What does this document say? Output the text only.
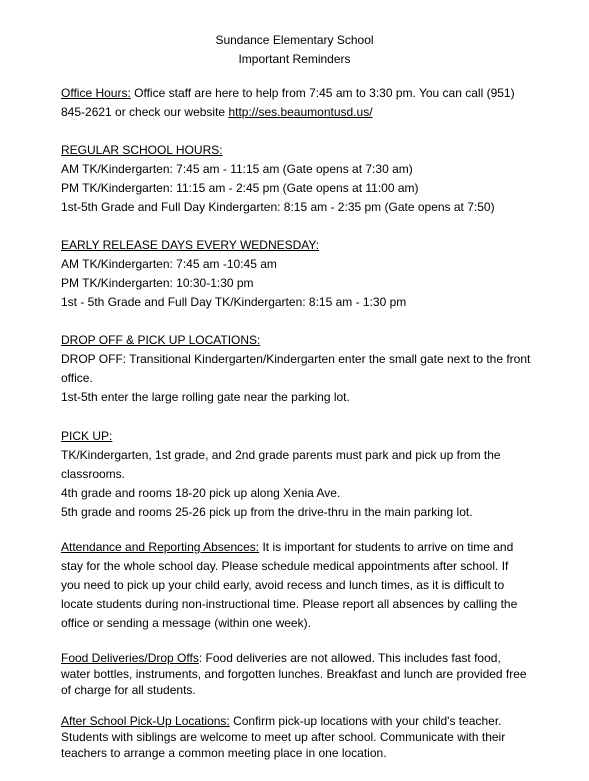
Sundance Elementary School
Important Reminders

Office Hours: Office staff are here to help from 7:45 am to 3:30 pm. You can call (951) 845-2621 or check our website http://ses.beaumontusd.us/

REGULAR SCHOOL HOURS:

AM TK/Kindergarten: 7:45 am - 11:15 am (Gate opens at 7:30 am)

PM TK/Kindergarten: 11:15 am - 2:45 pm (Gate opens at 11:00 am)

1st-5th Grade and Full Day Kindergarten: 8:15 am - 2:35 pm (Gate opens at 7:50)

EARLY RELEASE DAYS EVERY WEDNESDAY:

AM TK/Kindergarten: 7:45 am -10:45 am

PM TK/Kindergarten: 10:30-1:30 pm

1st - 5th Grade and Full Day TK/Kindergarten: 8:15 am - 1:30 pm

DROP OFF & PICK UP LOCATIONS:

DROP OFF: Transitional Kindergarten/Kindergarten enter the small gate next to the front office.

1st-5th enter the large rolling gate near the parking lot.

PICK UP:

TK/Kindergarten, 1st grade, and 2nd grade parents must park and pick up from the classrooms.

4th grade and rooms 18-20 pick up along Xenia Ave.

5th grade and rooms 25-26 pick up from the drive-thru in the main parking lot.

Attendance and Reporting Absences: It is important for students to arrive on time and stay for the whole school day. Please schedule medical appointments after school. If you need to pick up your child early, avoid recess and lunch times, as it is difficult to locate students during non-instructional time. Please report all absences by calling the office or sending a message (within one week).

Food Deliveries/Drop Offs: Food deliveries are not allowed. This includes fast food, water bottles, instruments, and forgotten lunches. Breakfast and lunch are provided free of charge for all students.

After School Pick-Up Locations: Confirm pick-up locations with your child's teacher. Students with siblings are welcome to meet up after school. Communicate with their teachers to arrange a common meeting place in one location.
